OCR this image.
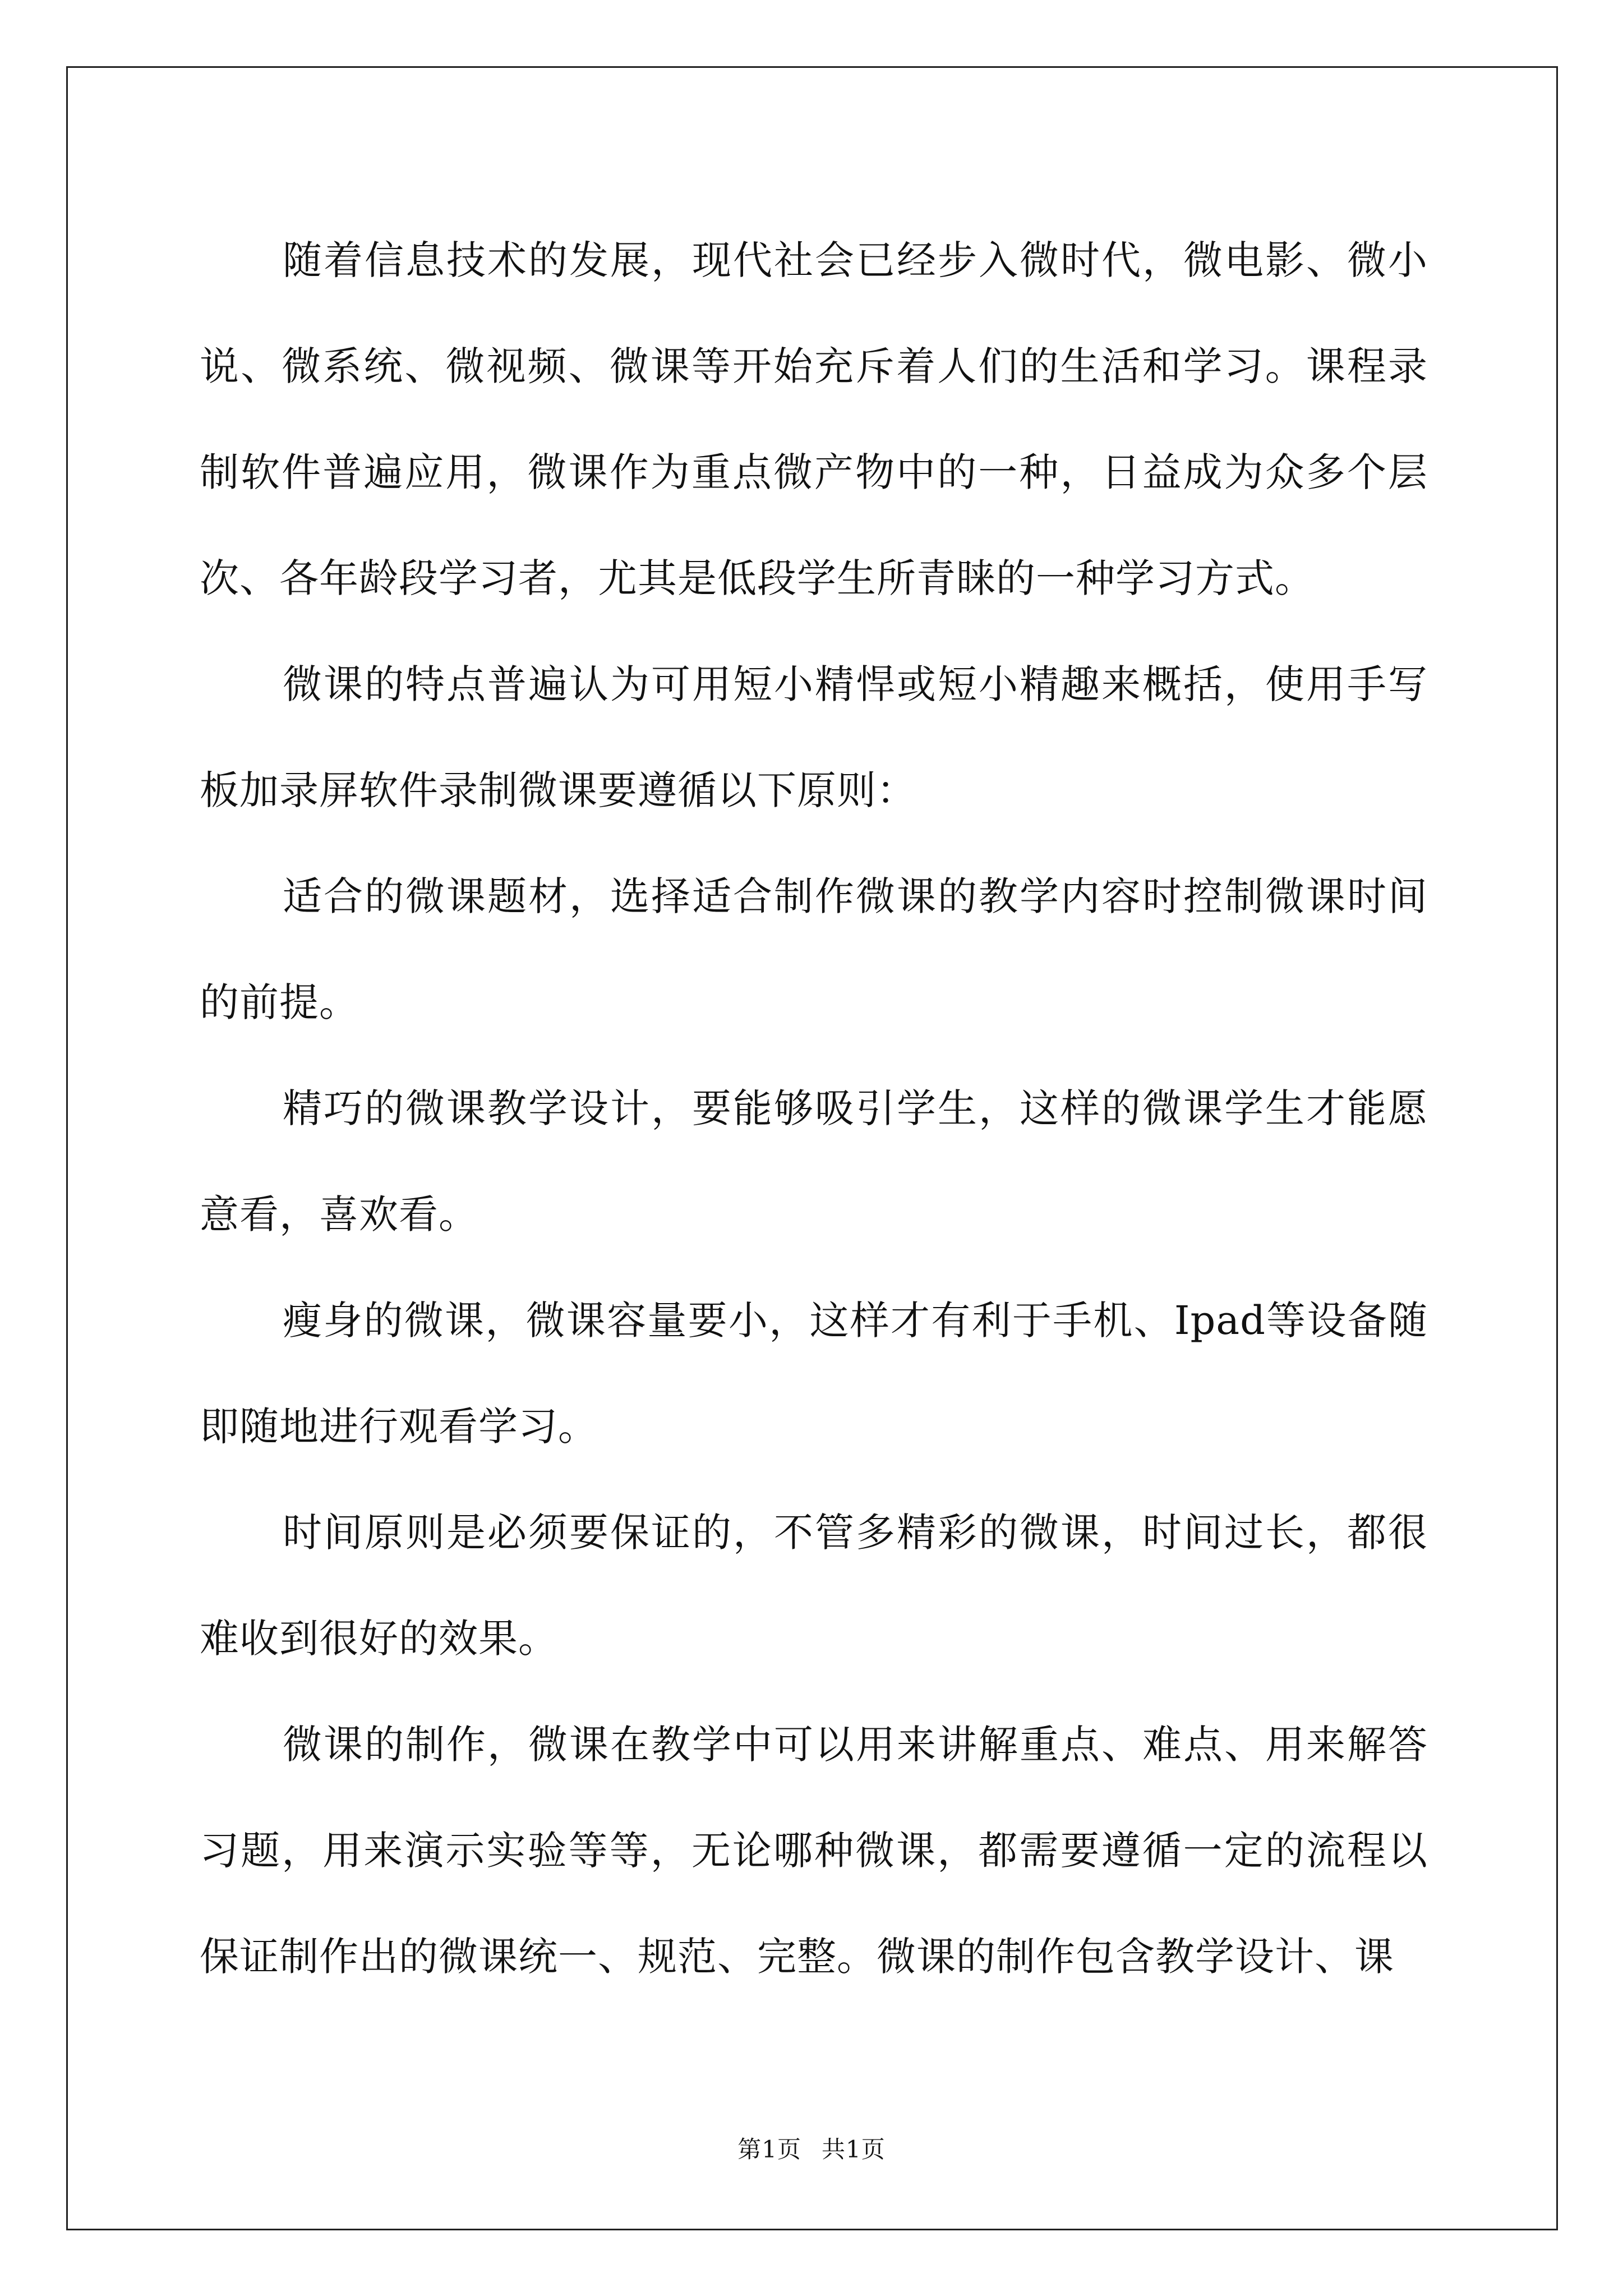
随着信息技术的发展，现代社会已经步入微时代，微电影、微小说、微系统、微视频、微课等开始充斥着人们的生活和学习。课程录制软件普遍应用，微课作为重点微产物中的一种，日益成为众多个层次、各年龄段学习者，尤其是低段学生所青睐的一种学习方式。

微课的特点普遍认为可用短小精悍或短小精趣来概括，使用手写板加录屏软件录制微课要遵循以下原则：

适合的微课题材，选择适合制作微课的教学内容时控制微课时间的前提。

精巧的微课教学设计，要能够吸引学生，这样的微课学生才能愿意看，喜欢看。

瘦身的微课，微课容量要小，这样才有利于手机、Ipad等设备随即随地进行观看学习。

时间原则是必须要保证的，不管多精彩的微课，时间过长，都很难收到很好的效果。

微课的制作，微课在教学中可以用来讲解重点、难点、用来解答习题，用来演示实验等等，无论哪种微课，都需要遵循一定的流程以保证制作出的微课统一、规范、完整。微课的制作包含教学设计、课

第1页 共1页
